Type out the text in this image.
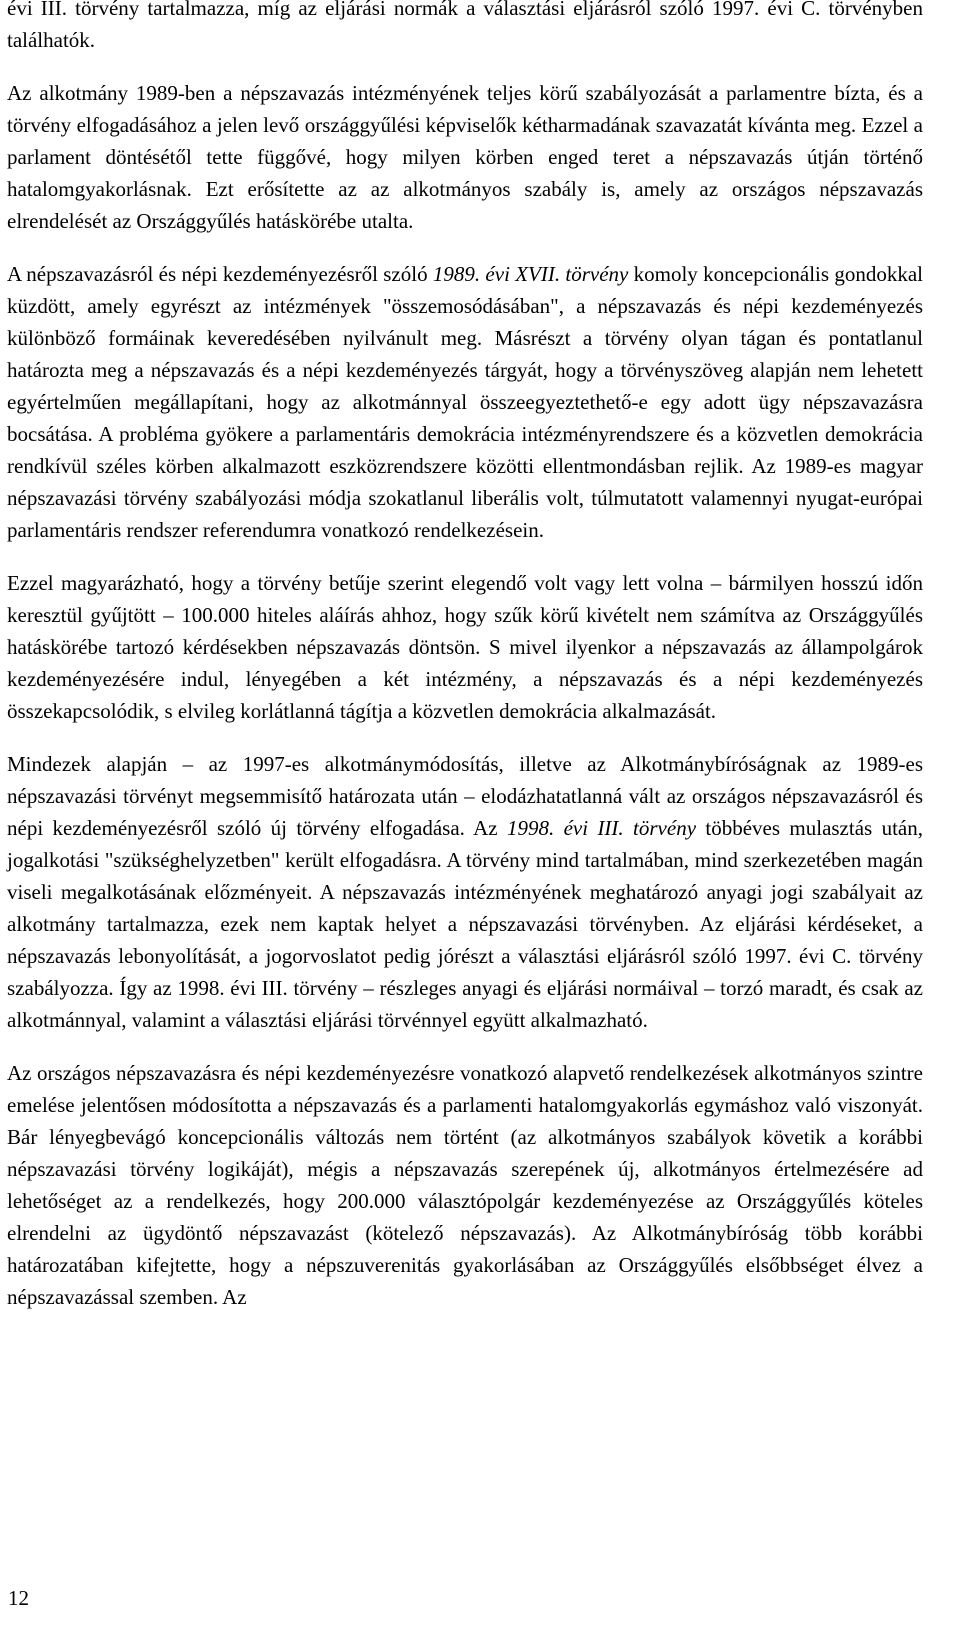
évi III. törvény tartalmazza, míg az eljárási normák a választási eljárásról szóló 1997. évi C. törvényben találhatók.

Az alkotmány 1989-ben a népszavazás intézményének teljes körű szabályozását a parlamentre bízta, és a törvény elfogadásához a jelen levő országgyűlési képviselők kétharmadának szavazatát kívánta meg. Ezzel a parlament döntésétől tette függővé, hogy milyen körben enged teret a népszavazás útján történő hatalomgyakorlásnak. Ezt erősítette az az alkotmányos szabály is, amely az országos népszavazás elrendelését az Országgyűlés hatáskörébe utalta.

A népszavazásról és népi kezdeményezésről szóló 1989. évi XVII. törvény komoly koncepcionális gondokkal küzdött, amely egyrészt az intézmények "összemosódásában", a népszavazás és népi kezdeményezés különböző formáinak keveredésében nyilvánult meg. Másrészt a törvény olyan tágan és pontatlanul határozta meg a népszavazás és a népi kezdeményezés tárgyát, hogy a törvényszöveg alapján nem lehetett egyértelműen megállapítani, hogy az alkotmánnyal összeegyeztethető-e egy adott ügy népszavazásra bocsátása. A probléma gyökere a parlamentáris demokrácia intézményrendszere és a közvetlen demokrácia rendkívül széles körben alkalmazott eszközrendszere közötti ellentmondásban rejlik. Az 1989-es magyar népszavazási törvény szabályozási módja szokatlanul liberális volt, túlmutatott valamennyi nyugat-európai parlamentáris rendszer referendumra vonatkozó rendelkezésein.

Ezzel magyarázható, hogy a törvény betűje szerint elegendő volt vagy lett volna – bármilyen hosszú időn keresztül gyűjtött – 100.000 hiteles aláírás ahhoz, hogy szűk körű kivételt nem számítva az Országgyűlés hatáskörébe tartozó kérdésekben népszavazás döntsön. S mivel ilyenkor a népszavazás az állampolgárok kezdeményezésére indul, lényegében a két intézmény, a népszavazás és a népi kezdeményezés összekapcsolódik, s elvileg korlátlanná tágítja a közvetlen demokrácia alkalmazását.

Mindezek alapján – az 1997-es alkotmánymódosítás, illetve az Alkotmánybíróságnak az 1989-es népszavazási törvényt megsemmisítő határozata után – elodázhatatlanná vált az országos népszavazásról és népi kezdeményezésről szóló új törvény elfogadása. Az 1998. évi III. törvény többéves mulasztás után, jogalkotási "szükséghelyzetben" került elfogadásra. A törvény mind tartalmában, mind szerkezetében magán viseli megalkotásának előzményeit. A népszavazás intézményének meghatározó anyagi jogi szabályait az alkotmány tartalmazza, ezek nem kaptak helyet a népszavazási törvényben. Az eljárási kérdéseket, a népszavazás lebonyolítását, a jogorvoslatot pedig jórészt a választási eljárásról szóló 1997. évi C. törvény szabályozza. Így az 1998. évi III. törvény – részleges anyagi és eljárási normáival – torzó maradt, és csak az alkotmánnyal, valamint a választási eljárási törvénnyel együtt alkalmazható.

Az országos népszavazásra és népi kezdeményezésre vonatkozó alapvető rendelkezések alkotmányos szintre emelése jelentősen módosította a népszavazás és a parlamenti hatalomgyakorlás egymáshoz való viszonyát. Bár lényegbevágó koncepcionális változás nem történt (az alkotmányos szabályok követik a korábbi népszavazási törvény logikáját), mégis a népszavazás szerepének új, alkotmányos értelmezésére ad lehetőséget az a rendelkezés, hogy 200.000 választópolgár kezdeményezése az Országgyűlés köteles elrendelni az ügydöntő népszavazást (kötelező népszavazás). Az Alkotmánybíróság több korábbi határozatában kifejtette, hogy a népszuverenitás gyakorlásában az Országgyűlés elsőbbséget élvez a népszavazással szemben. Az

12
